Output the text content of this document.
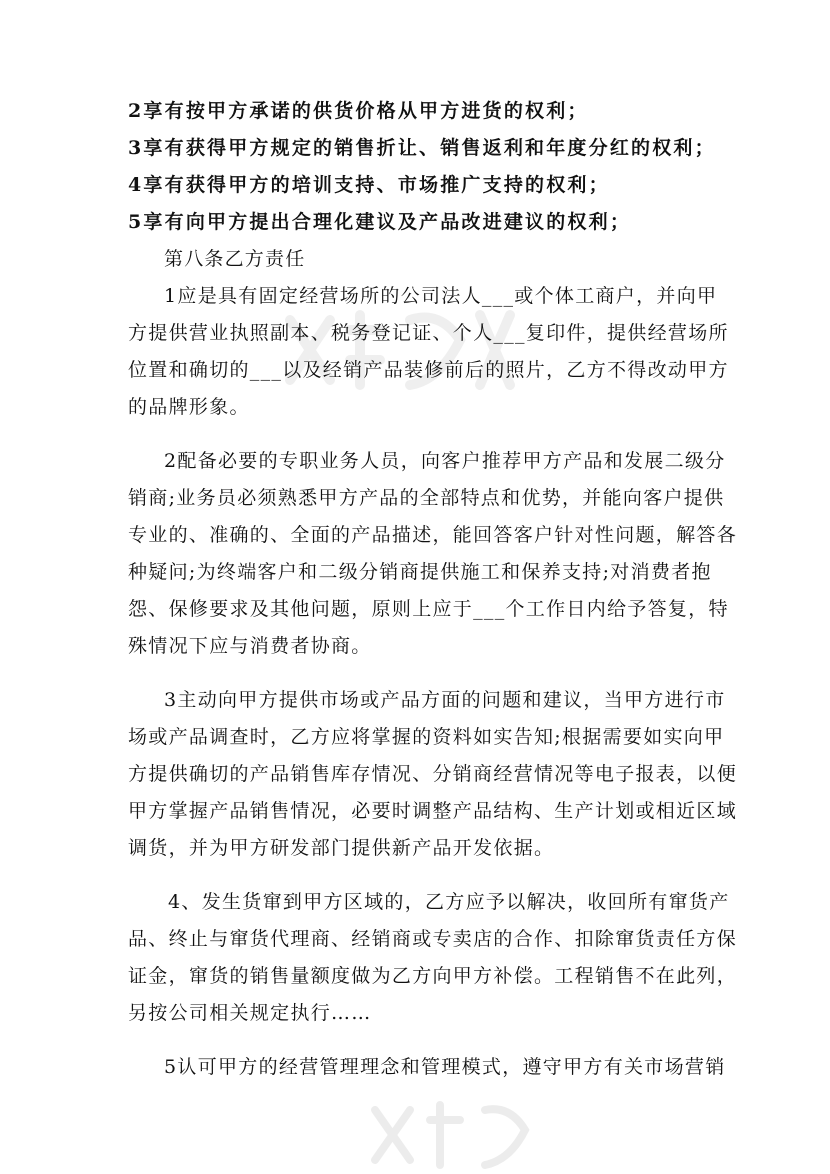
2享有按甲方承诺的供货价格从甲方进货的权利；
3享有获得甲方规定的销售折让、销售返利和年度分红的权利；
4享有获得甲方的培训支持、市场推广支持的权利；
5享有向甲方提出合理化建议及产品改进建议的权利；
第八条乙方责任
1应是具有固定经营场所的公司法人___或个体工商户，并向甲
方提供营业执照副本、税务登记证、个人___复印件，提供经营场所
位置和确切的___以及经销产品装修前后的照片，乙方不得改动甲方
的品牌形象。
2配备必要的专职业务人员，向客户推荐甲方产品和发展二级分
销商;业务员必须熟悉甲方产品的全部特点和优势，并能向客户提供
专业的、准确的、全面的产品描述，能回答客户针对性问题，解答各
种疑问;为终端客户和二级分销商提供施工和保养支持;对消费者抱
怨、保修要求及其他问题，原则上应于___个工作日内给予答复，特
殊情况下应与消费者协商。
3主动向甲方提供市场或产品方面的问题和建议，当甲方进行市
场或产品调查时，乙方应将掌握的资料如实告知;根据需要如实向甲
方提供确切的产品销售库存情况、分销商经营情况等电子报表，以便
甲方掌握产品销售情况，必要时调整产品结构、生产计划或相近区域
调货，并为甲方研发部门提供新产品开发依据。
4、发生货窜到甲方区域的，乙方应予以解决，收回所有窜货产
品、终止与窜货代理商、经销商或专卖店的合作、扣除窜货责任方保
证金，窜货的销售量额度做为乙方向甲方补偿。工程销售不在此列，
另按公司相关规定执行……
5认可甲方的经营管理理念和管理模式，遵守甲方有关市场营销
